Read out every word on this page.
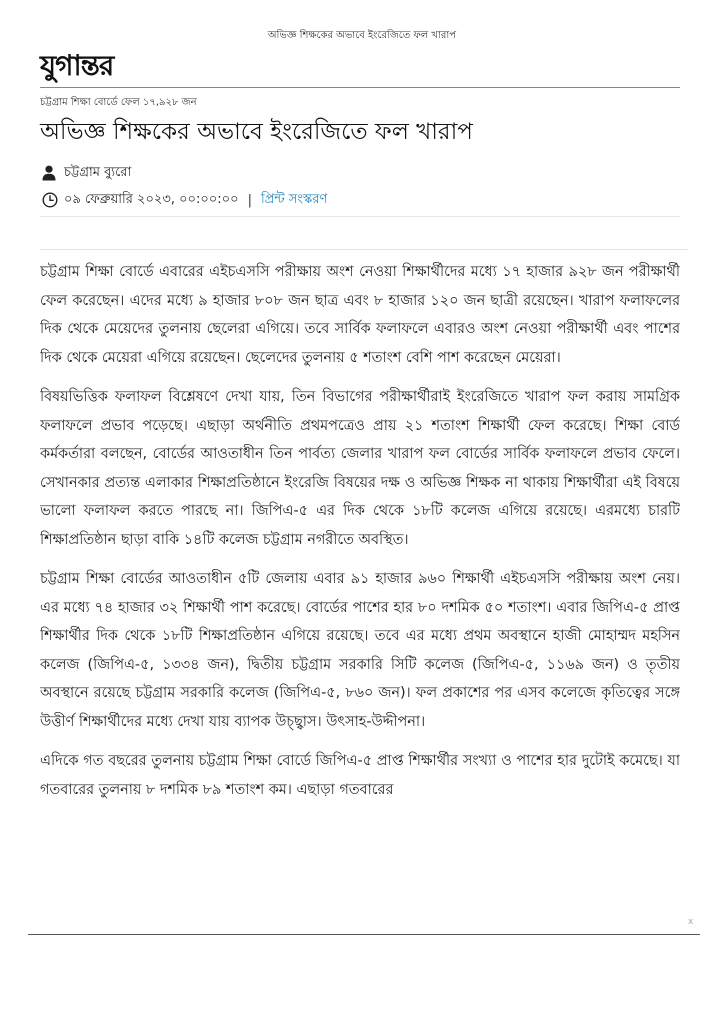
অভিজ্ঞ শিক্ষকের অভাবে ইংরেজিতে ফল খারাপ
যুগান্তর
চট্টগ্রাম শিক্ষা বোর্ডে ফেল ১৭,৯২৮ জন
অভিজ্ঞ শিক্ষকের অভাবে ইংরেজিতে ফল খারাপ
চট্টগ্রাম ব্যুরো
০৯ ফেব্রুয়ারি ২০২৩, ০০:০০:০০ | প্রিন্ট সংস্করণ

চট্টগ্রাম শিক্ষা বোর্ডে এবারের এইচএসসি পরীক্ষায় অংশ নেওয়া শিক্ষার্থীদের মধ্যে ১৭ হাজার ৯২৮ জন পরীক্ষার্থী ফেল করেছেন। এদের মধ্যে ৯ হাজার ৮০৮ জন ছাত্র এবং ৮ হাজার ১২০ জন ছাত্রী রয়েছেন। খারাপ ফলাফলের দিক থেকে মেয়েদের তুলনায় ছেলেরা এগিয়ে। তবে সার্বিক ফলাফলে এবারও অংশ নেওয়া পরীক্ষার্থী এবং পাশের দিক থেকে মেয়েরা এগিয়ে রয়েছেন। ছেলেদের তুলনায় ৫ শতাংশ বেশি পাশ করেছেন মেয়েরা।

বিষয়ভিত্তিক ফলাফল বিশ্লেষণে দেখা যায়, তিন বিভাগের পরীক্ষার্থীরাই ইংরেজিতে খারাপ ফল করায় সামগ্রিক ফলাফলে প্রভাব পড়েছে। এছাড়া অর্থনীতি প্রথমপত্রেও প্রায় ২১ শতাংশ শিক্ষার্থী ফেল করেছে। শিক্ষা বোর্ড কর্মকর্তারা বলছেন, বোর্ডের আওতাধীন তিন পার্বত্য জেলার খারাপ ফল বোর্ডের সার্বিক ফলাফলে প্রভাব ফেলে। সেখানকার প্রত্যন্ত এলাকার শিক্ষাপ্রতিষ্ঠানে ইংরেজি বিষয়ের দক্ষ ও অভিজ্ঞ শিক্ষক না থাকায় শিক্ষার্থীরা এই বিষয়ে ভালো ফলাফল করতে পারছে না। জিপিএ-৫ এর দিক থেকে ১৮টি কলেজ এগিয়ে রয়েছে। এরমধ্যে চারটি শিক্ষাপ্রতিষ্ঠান ছাড়া বাকি ১৪টি কলেজ চট্টগ্রাম নগরীতে অবস্থিত।

চট্টগ্রাম শিক্ষা বোর্ডের আওতাধীন ৫টি জেলায় এবার ৯১ হাজার ৯৬০ শিক্ষার্থী এইচএসসি পরীক্ষায় অংশ নেয়। এর মধ্যে ৭৪ হাজার ৩২ শিক্ষার্থী পাশ করেছে। বোর্ডের পাশের হার ৮০ দশমিক ৫০ শতাংশ। এবার জিপিএ-৫ প্রাপ্ত শিক্ষার্থীর দিক থেকে ১৮টি শিক্ষাপ্রতিষ্ঠান এগিয়ে রয়েছে। তবে এর মধ্যে প্রথম অবস্থানে হাজী মোহাম্মদ মহসিন কলেজ (জিপিএ-৫, ১৩৩৪ জন), দ্বিতীয় চট্টগ্রাম সরকারি সিটি কলেজ (জিপিএ-৫, ১১৬৯ জন) ও তৃতীয় অবস্থানে রয়েছে চট্টগ্রাম সরকারি কলেজ (জিপিএ-৫, ৮৬০ জন)। ফল প্রকাশের পর এসব কলেজে কৃতিত্বের সঙ্গে উত্তীর্ণ শিক্ষার্থীদের মধ্যে দেখা যায় ব্যাপক উচ্ছ্বাস। উৎসাহ-উদ্দীপনা।

এদিকে গত বছরের তুলনায় চট্টগ্রাম শিক্ষা বোর্ডে জিপিএ-৫ প্রাপ্ত শিক্ষার্থীর সংখ্যা ও পাশের হার দুটোই কমেছে। যা গতবারের তুলনায় ৮ দশমিক ৮৯ শতাংশ কম। এছাড়া গতবারের

x
